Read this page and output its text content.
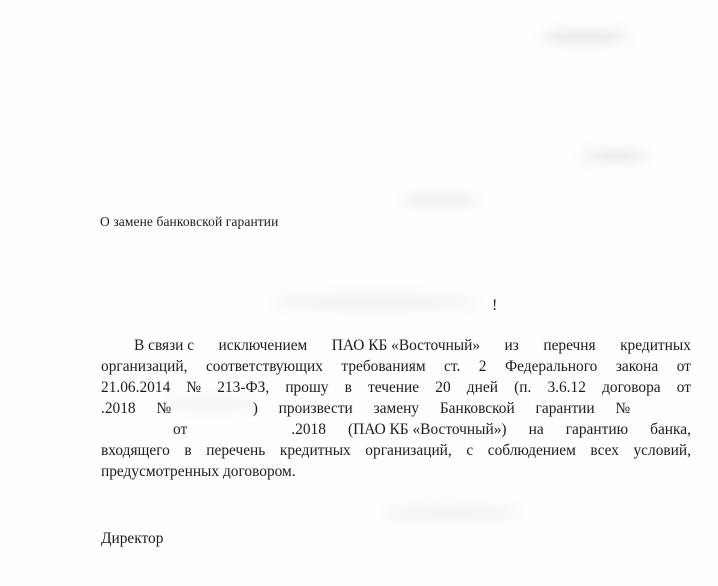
О замене банковской гарантии
!
В связи с исключением ПАО КБ «Восточный» из перечня кредитных
организаций, соответствующих требованиям ст. 2 Федерального закона от
21.06.2014 № 213-ФЗ, прошу в течение 20 дней (п. 3.6.12 договора от
.2018 №	) произвести замену Банковской гарантии №
от	.2018 (ПАО КБ «Восточный») на гарантию банка,
входящего в перечень кредитных организаций, с соблюдением всех условий,
предусмотренных договором.
Директор
